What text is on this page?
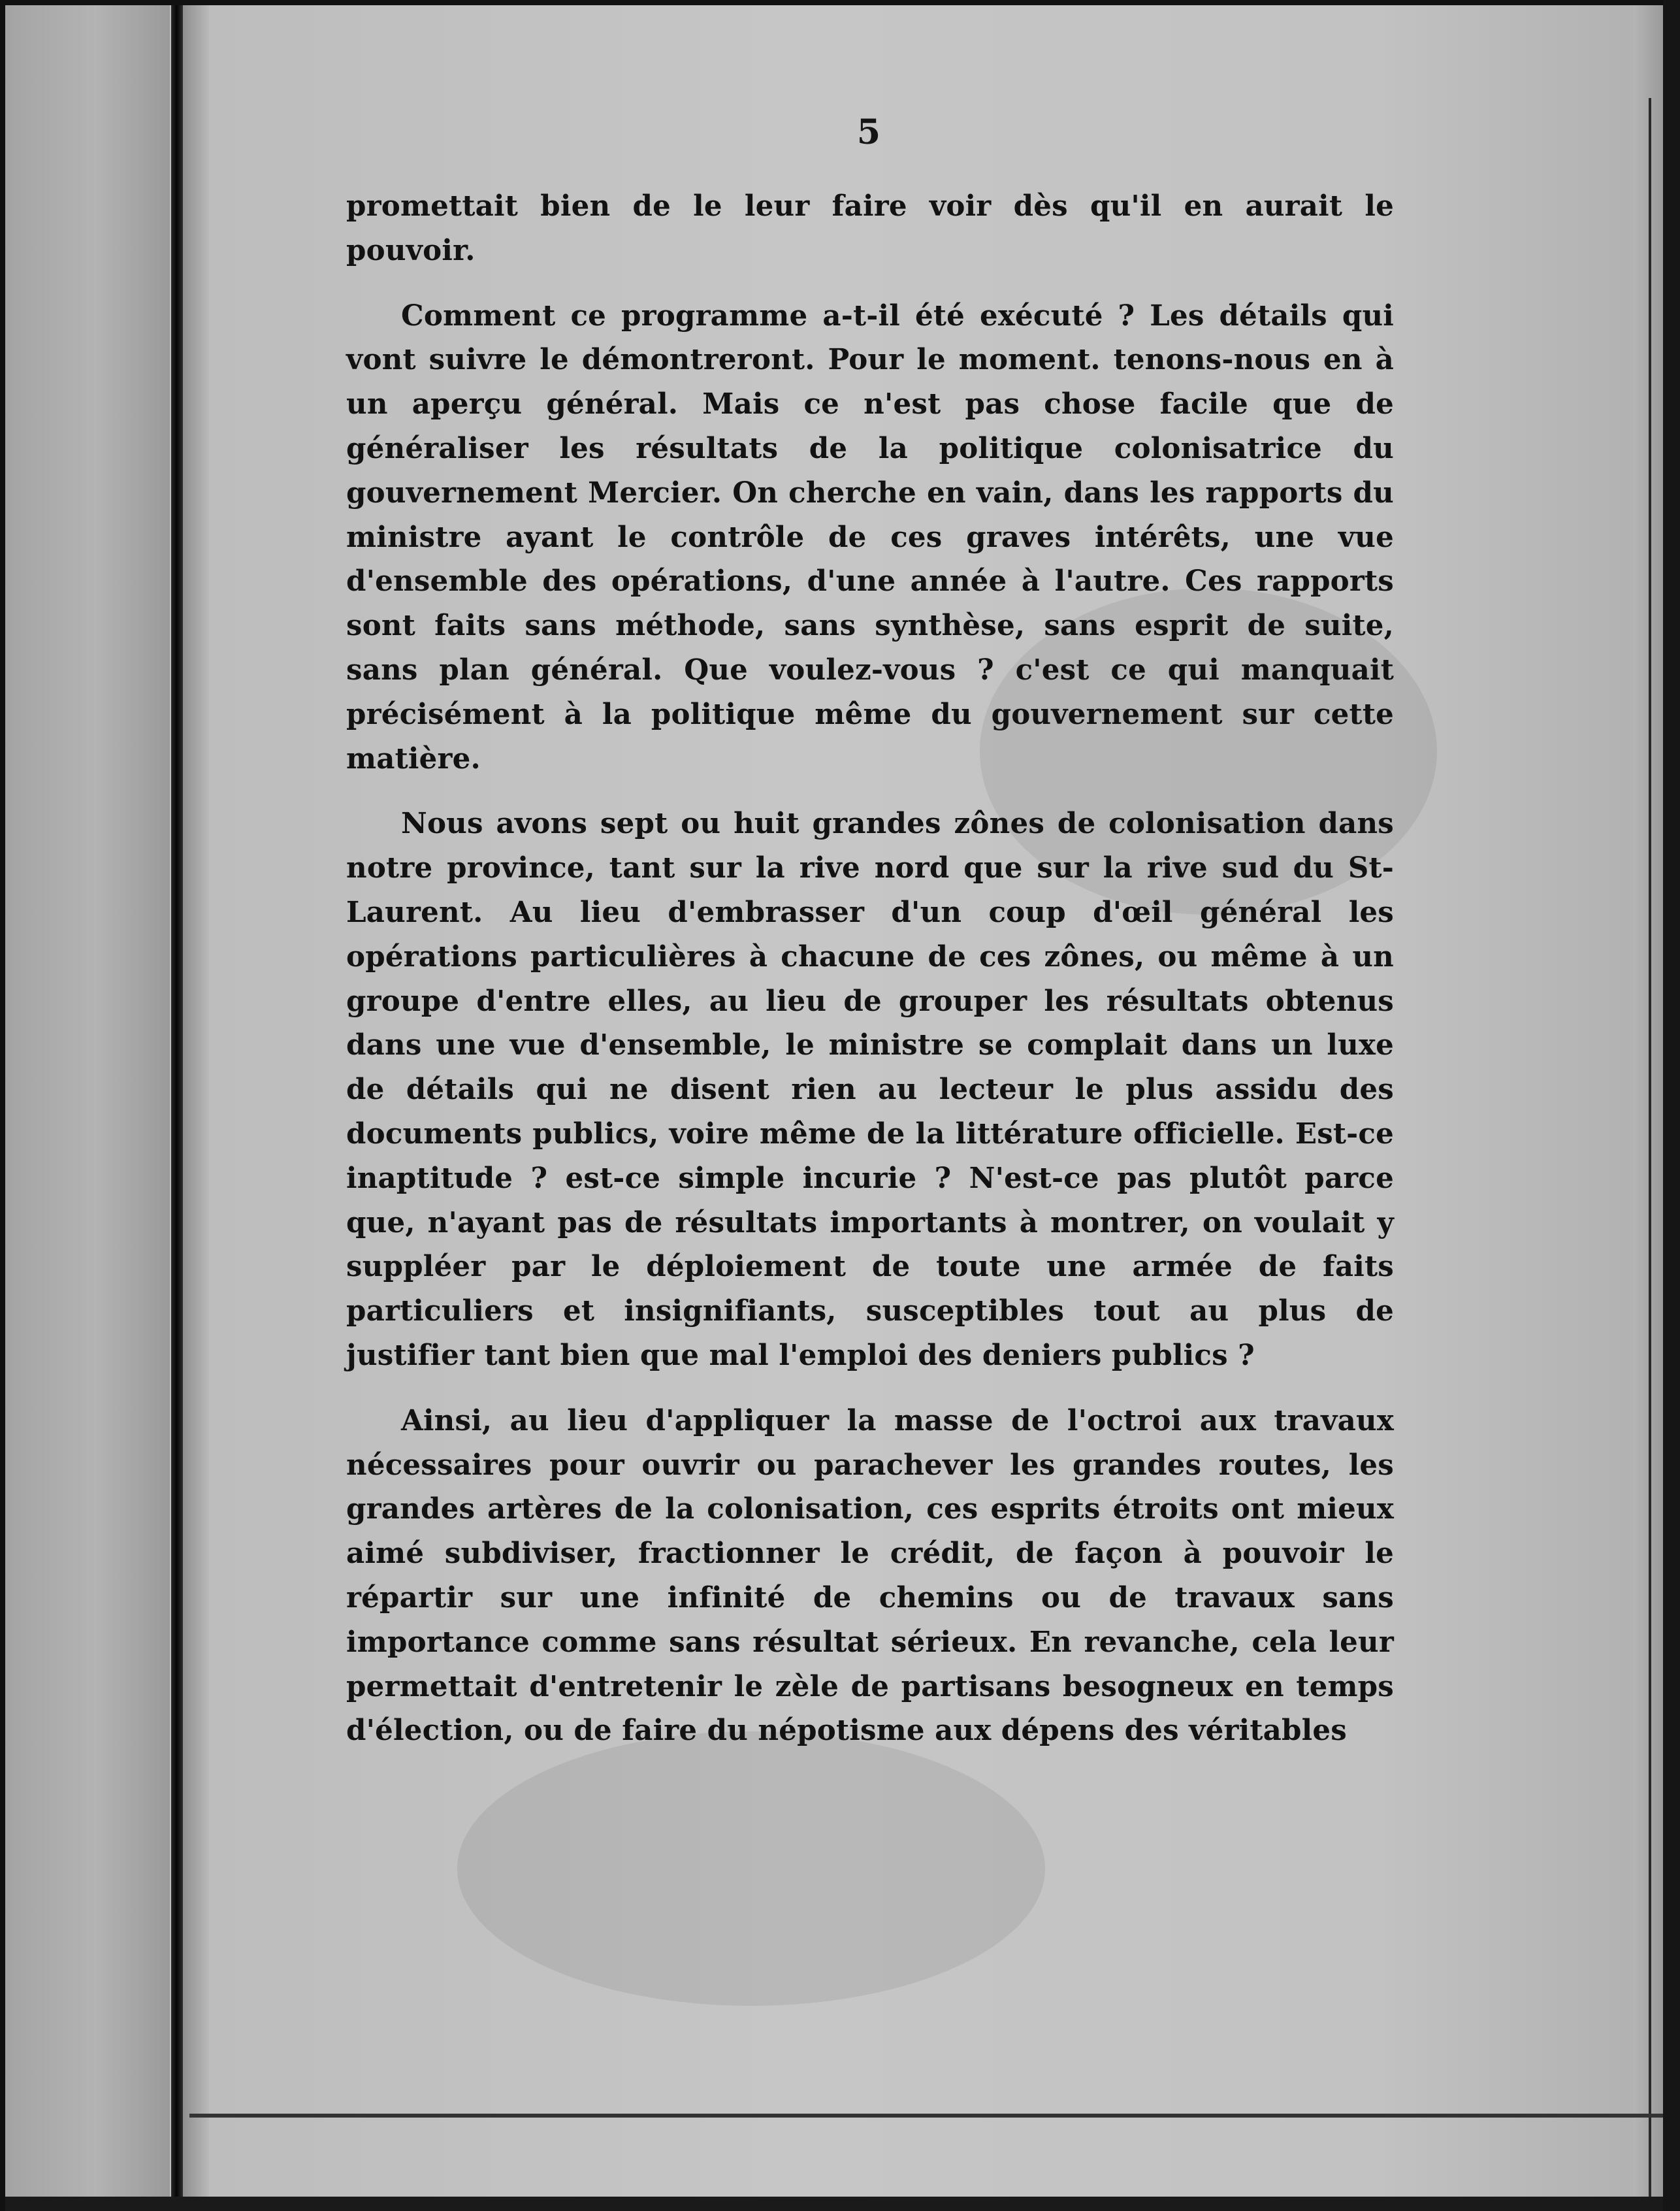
5

promettait bien de le leur faire voir dès qu'il en aurait le pouvoir.

Comment ce programme a-t-il été exécuté ? Les détails qui vont suivre le démontreront. Pour le moment. tenons-nous en à un aperçu général. Mais ce n'est pas chose facile que de généraliser les résultats de la politique colonisatrice du gouvernement Mercier. On cherche en vain, dans les rapports du ministre ayant le contrôle de ces graves intérêts, une vue d'ensemble des opérations, d'une année à l'autre. Ces rapports sont faits sans méthode, sans synthèse, sans esprit de suite, sans plan général. Que voulez-vous ? c'est ce qui manquait précisément à la politique même du gouvernement sur cette matière.

Nous avons sept ou huit grandes zônes de colonisation dans notre province, tant sur la rive nord que sur la rive sud du St-Laurent. Au lieu d'embrasser d'un coup d'œil général les opérations particulières à chacune de ces zônes, ou même à un groupe d'entre elles, au lieu de grouper les résultats obtenus dans une vue d'ensemble, le ministre se complait dans un luxe de détails qui ne disent rien au lecteur le plus assidu des documents publics, voire même de la littérature officielle. Est-ce inaptitude ? est-ce simple incurie ? N'est-ce pas plutôt parce que, n'ayant pas de résultats importants à montrer, on voulait y suppléer par le déploiement de toute une armée de faits particuliers et insignifiants, susceptibles tout au plus de justifier tant bien que mal l'emploi des deniers publics ?

Ainsi, au lieu d'appliquer la masse de l'octroi aux travaux nécessaires pour ouvrir ou parachever les grandes routes, les grandes artères de la colonisation, ces esprits étroits ont mieux aimé subdiviser, fractionner le crédit, de façon à pouvoir le répartir sur une infinité de chemins ou de travaux sans importance comme sans résultat sérieux. En revanche, cela leur permettait d'entretenir le zèle de partisans besogneux en temps d'élection, ou de faire du népotisme aux dépens des véritables
